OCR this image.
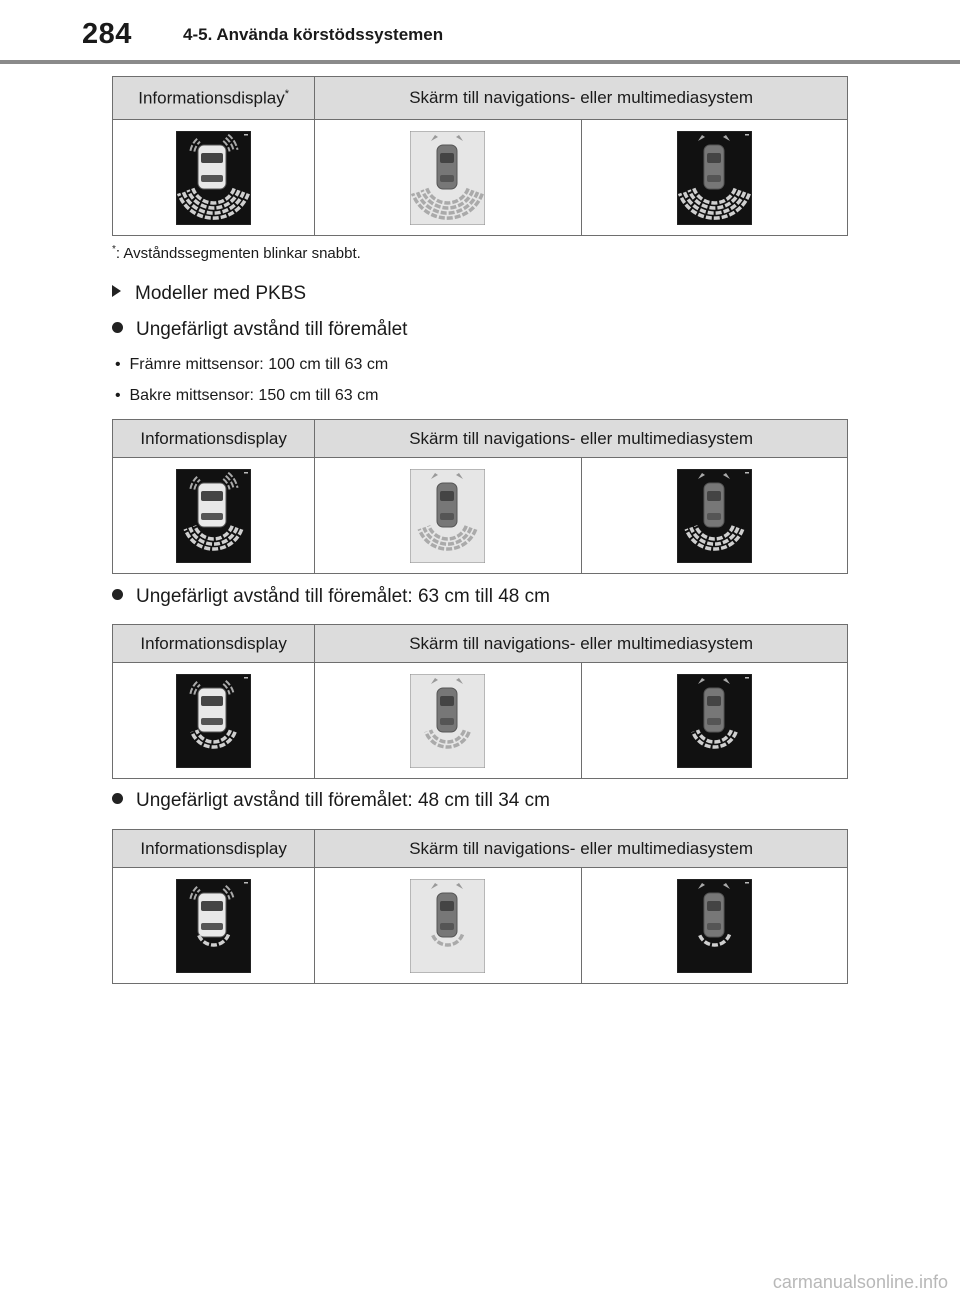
284	4-5. Använda körstödssystemen
Informationsdisplay*	Skärm till navigations- eller multimediasystem	

*: Avståndssegmenten blinkar snabbt.
Modeller med PKBS
Ungefärligt avstånd till föremålet
•  Främre mittsensor: 100 cm till 63 cm
•  Bakre mittsensor: 150 cm till 63 cm
Informationsdisplay	Skärm till navigations- eller multimediasystem	

Ungefärligt avstånd till föremålet: 63 cm till 48 cm
Informationsdisplay	Skärm till navigations- eller multimediasystem	

Ungefärligt avstånd till föremålet: 48 cm till 34 cm
Informationsdisplay	Skärm till navigations- eller multimediasystem	

carmanualsonline.info
